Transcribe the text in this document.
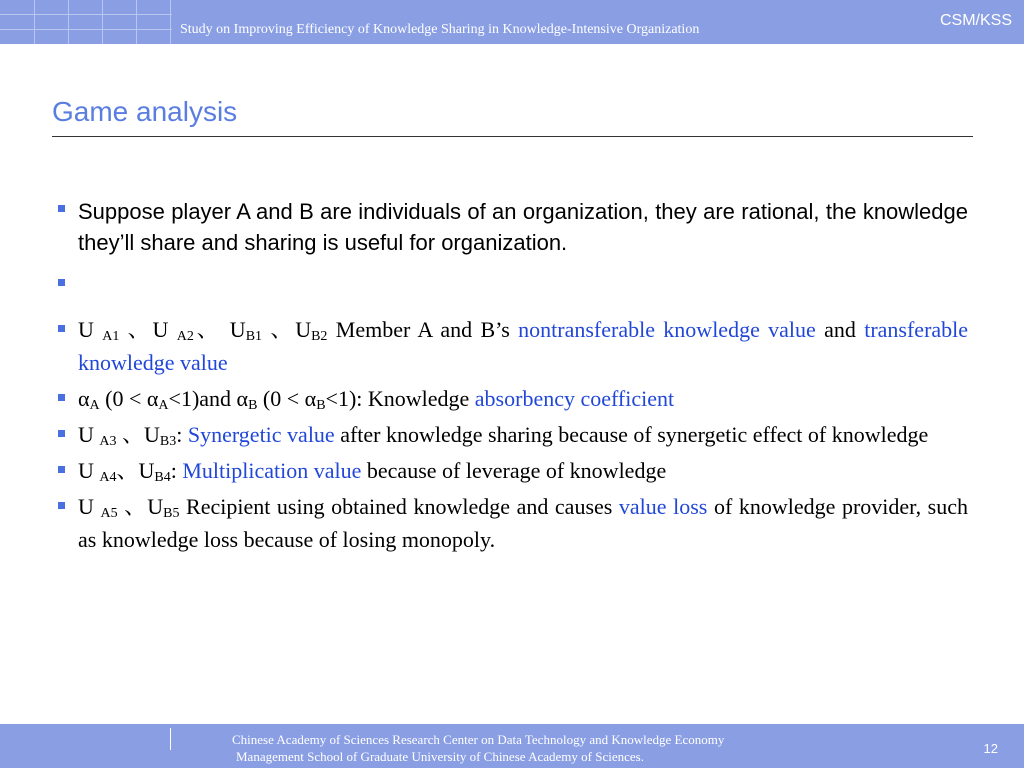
Study on Improving Efficiency of Knowledge Sharing in Knowledge-Intensive Organization
CSM/KSS
Game analysis
Suppose player A and B are individuals of an organization, they are rational, the knowledge they’ll share and sharing is useful for organization.
U $_{A1}$ 、U $_{A2}$、 $U_{B1}$ 、$U_{B2}$ Member A and B’s nontransferable knowledge value and transferable knowledge value
$\alpha_A$ $(0 < \alpha_A<1)and$ $\alpha_B$ $(0 < \alpha_B<1)$: Knowledge absorbency coefficient
U $_{A3}$ 、$U_{B3}$: Synergetic value after knowledge sharing because of synergetic effect of knowledge
U $_{A4}$、$U_{B4}$: Multiplication value because of leverage of knowledge
U $_{A5}$ 、$U_{B5}$ Recipient using obtained knowledge and causes value loss of knowledge provider, such as knowledge loss because of losing monopoly.
Chinese Academy of Sciences Research Center on Data Technology and Knowledge Economy
Management School of Graduate University of Chinese Academy of Sciences.
12
